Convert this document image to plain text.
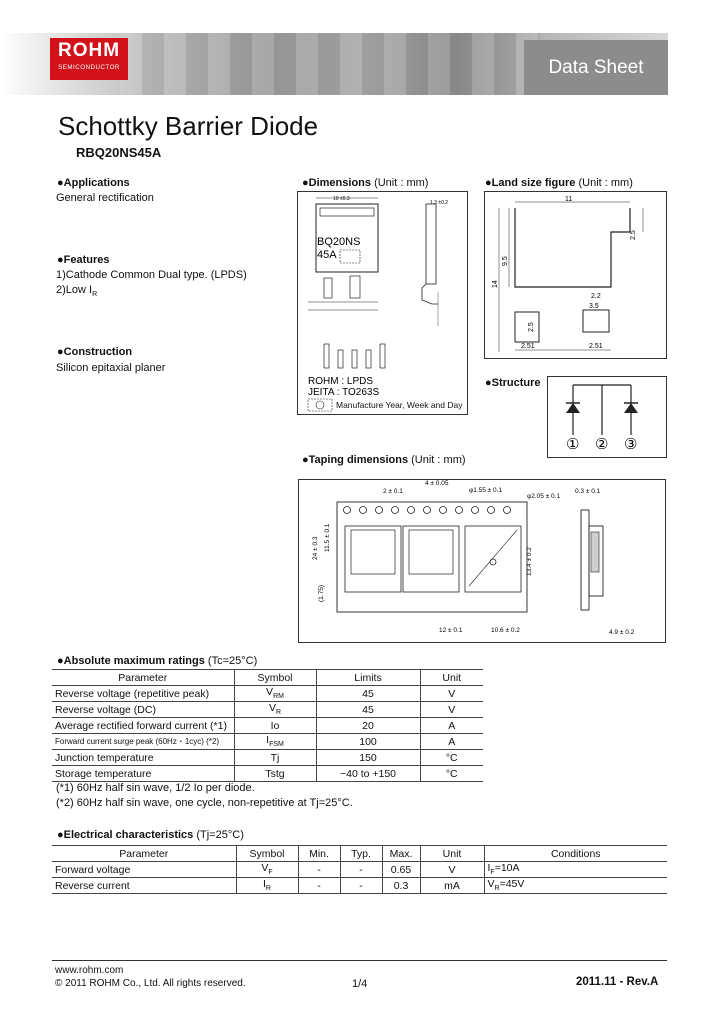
ROHM
SEMICONDUCTOR	Data Sheet
Schottky Barrier Diode
RBQ20NS45A
●Applications
General rectification
●Features
1)Cathode Common Dual type. (LPDS)
2)Low $I_R$
●Construction
Silicon epitaxial planer
●Dimensions (Unit : mm)
10 ±0.3
BQ20NS
45A
1.3 ±0.2
ROHM : LPDS
JEITA : TO263S
Manufacture Year, Week and Day
●Land size figure (Unit : mm)
11
2.5
14
9.5
2.2
3.5
2.5
2.51	2.51
●Structure
① ② ③
●Taping dimensions (Unit : mm)
2 ± 0.1
4 ± 0.05
φ1.55 ± 0.1
φ2.05 ± 0.1
0.3 ± 0.1
24 ± 0.3 11.5 ± 0.1
13.4 ± 0.2
(1.75)
12 ± 0.1	10.6 ± 0.2	4.9 ± 0.2
●Absolute maximum ratings (Tc=25°C)
Parameter	Symbol	Limits	Unit
Reverse voltage (repetitive peak)	$V_{RM}$	45	V
Reverse voltage (DC)	$V_R$	45	V
Average rectified forward current (*1)	Io	20	A
Forward current surge peak (60Hz・1cyc) (*2)	$I_{FSM}$	100	A
Junction temperature	Tj	150	°C
Storage temperature	Tstg	−40 to +150	°C
(*1) 60Hz half sin wave, 1/2 Io per diode.
(*2) 60Hz half sin wave, one cycle, non-repetitive at Tj=25°C.
●Electrical characteristics (Tj=25°C)
Parameter	Symbol	Min.	Typ.	Max.	Unit	Conditions
Forward voltage	$V_F$	-	-	0.65	V	$I_F=10A$
Reverse current	$I_R$	-	-	0.3	mA	$V_R=45V$
www.rohm.com
© 2011 ROHM Co., Ltd. All rights reserved.	1/4	2011.11 - Rev.A
